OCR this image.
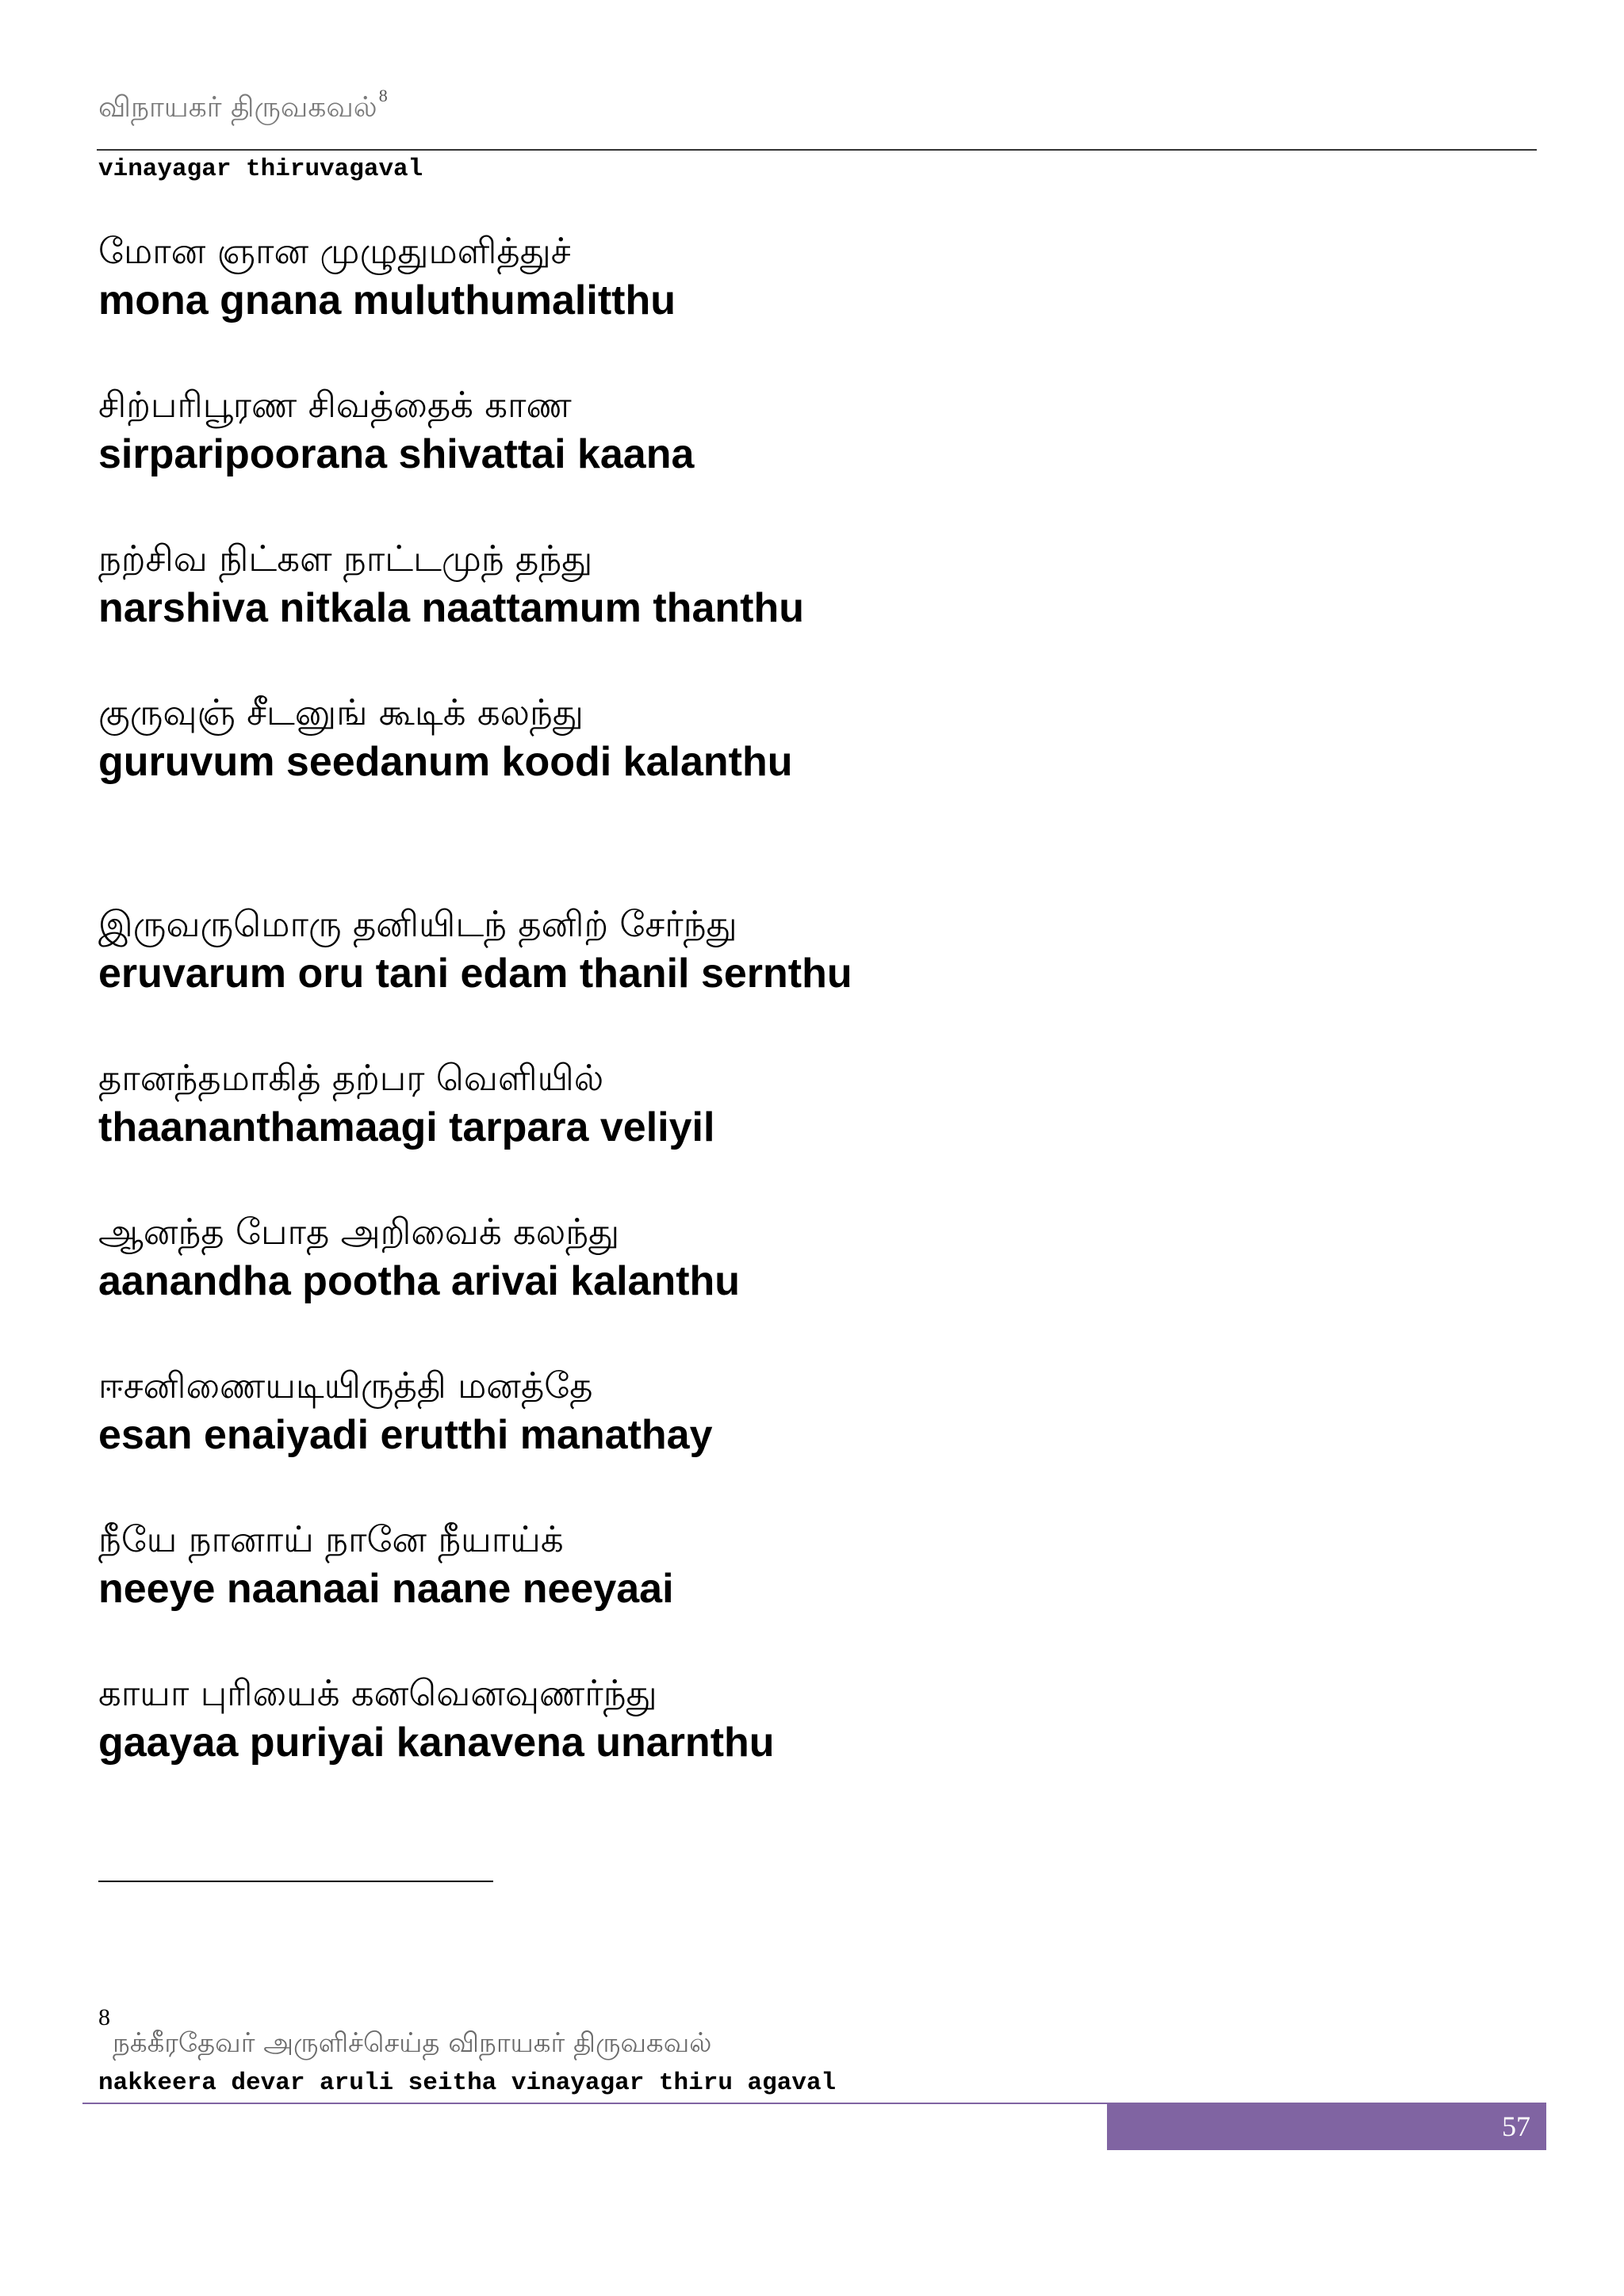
விநாயகர் திருவகவல்$^8$
vinayagar thiruvagaval
மோன ஞான முழுதுமளித்துச்
mona gnana muluthumalitthu
சிற்பரிபூரண சிவத்தைக் காண
sirparipoorana shivattai kaana
நற்சிவ நிட்கள நாட்டமுந் தந்து
narshiva nitkala naattamum thanthu
குருவுஞ் சீடனுங் கூடிக் கலந்து
guruvum seedanum koodi kalanthu
இருவருமொரு தனியிடந் தனிற் சேர்ந்து
eruvarum oru tani edam thanil sernthu
தானந்தமாகித் தற்பர வெளியில்
thaananthamaagi tarpara veliyil
ஆனந்த போத அறிவைக் கலந்து
aanandha pootha arivai kalanthu
ஈசனிணையடியிருத்தி மனத்தே
esan enaiyadi erutthi manathay
நீயே நானாய் நானே நீயாய்க்
neeye naanaai naane neeyaai
காயா புரியைக் கனவெனவுணர்ந்து
gaayaa puriyai kanavena unarnthu
8
நக்கீரதேவர் அருளிச்செய்த விநாயகர் திருவகவல்
nakkeera devar aruli seitha vinayagar thiru agaval
57
